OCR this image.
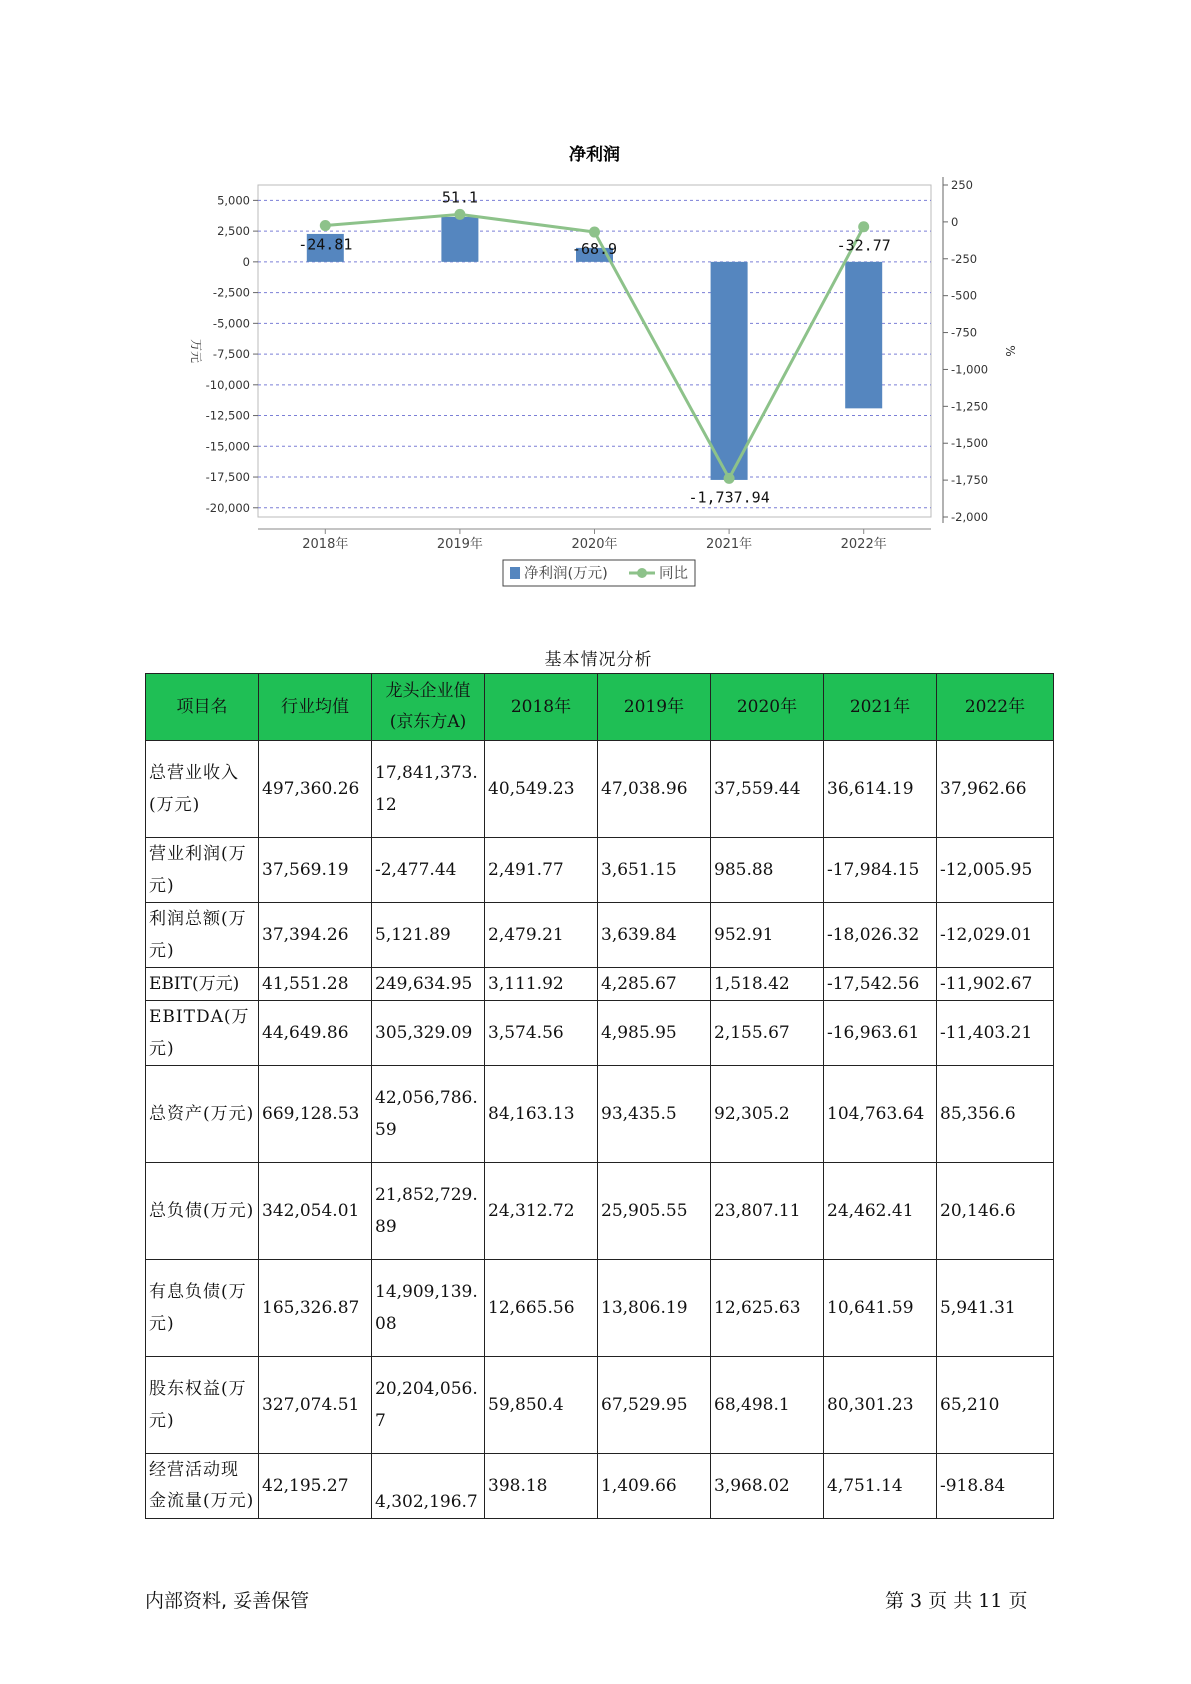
净利润
5,000
2,500
0
-2,500
-5,000
-7,500
-10,000
-12,500
-15,000
-17,500
-20,000
250
0
-250
-500
-750
-1,000
-1,250
-1,500
-1,750
-2,000
万元	%
2018年	2019年	2020年	2021年	2022年
-24.81
51.1
-68.9
-1,737.94
-32.77
净利润(万元)	同比
基本情况分析
项目名	行业均值	龙头企业值(京东方A)	2018年	2019年	2020年	2021年	2022年
总营业收入(万元)	497,360.26	17,841,373.12	40,549.23	47,038.96	37,559.44	36,614.19	37,962.66
营业利润(万元)	37,569.19	-2,477.44	2,491.77	3,651.15	985.88	-17,984.15	-12,005.95
利润总额(万元)	37,394.26	5,121.89	2,479.21	3,639.84	952.91	-18,026.32	-12,029.01
EBIT(万元)	41,551.28	249,634.95	3,111.92	4,285.67	1,518.42	-17,542.56	-11,902.67
EBITDA(万元)	44,649.86	305,329.09	3,574.56	4,985.95	2,155.67	-16,963.61	-11,403.21
总资产(万元)	669,128.53	42,056,786.59	84,163.13	93,435.5	92,305.2	104,763.64	85,356.6
总负债(万元)	342,054.01	21,852,729.89	24,312.72	25,905.55	23,807.11	24,462.41	20,146.6
有息负债(万元)	165,326.87	14,909,139.08	12,665.56	13,806.19	12,625.63	10,641.59	5,941.31
股东权益(万元)	327,074.51	20,204,056.7	59,850.4	67,529.95	68,498.1	80,301.23	65,210
经营活动现金流量(万元)	42,195.27	4,302,196.7	398.18	1,409.66	3,968.02	4,751.14	-918.84
内部资料, 妥善保管	第 3 页 共 11 页
